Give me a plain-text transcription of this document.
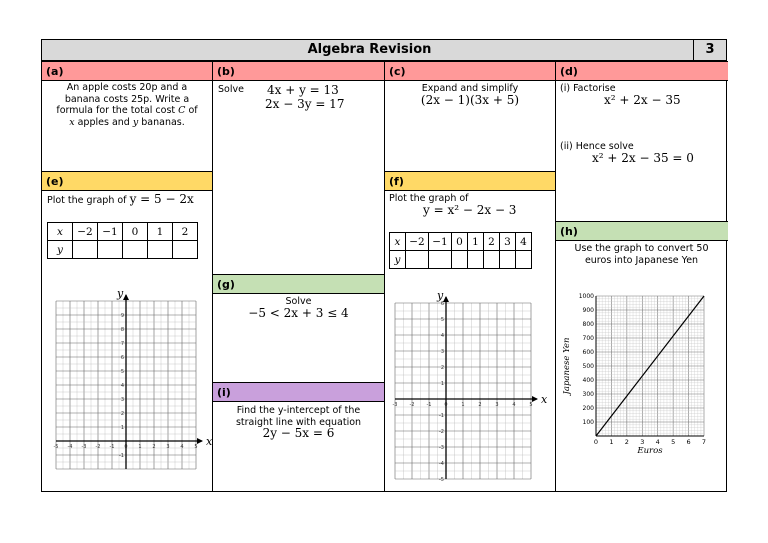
Algebra Revision	3
(a)
An apple costs 20p and a
banana costs 25p. Write a
formula for the total cost C of
x apples and y bananas.
(e)
Plot the graph of y = 5 − 2x
x	−2	−1	0	1	2
y					
x
y
-5 -4 -3 -2 -1 0 1 2 3 4 5
-1
1
2
3
4
5
6
7
8
9
(b)
Solve 4x + y = 13
2x − 3y = 17
(g)
Solve
−5 < 2x + 3 ≤ 4
(i)
Find the y-intercept of the
straight line with equation
2y − 5x = 6
(c)
Expand and simplify
(2x − 1)(3x + 5)
(f)
Plot the graph of
y = x² − 2x − 3
x	−2	−1	0	1	2	3	4
y							
x
y
-3 -2 -1	0	1	2	3	4	5
-5
-4
-3
-2
-1
1
2
3
4
5
6
(d)
(i) Factorise
x² + 2x − 35
(ii) Hence solve
x² + 2x − 35 = 0
(h)
Use the graph to convert 50
euros into Japanese Yen
0 1 2 3 4 5 6 7
100
200
300
400
500
600
700
800
900
1000
Euros
Japanese Yen
